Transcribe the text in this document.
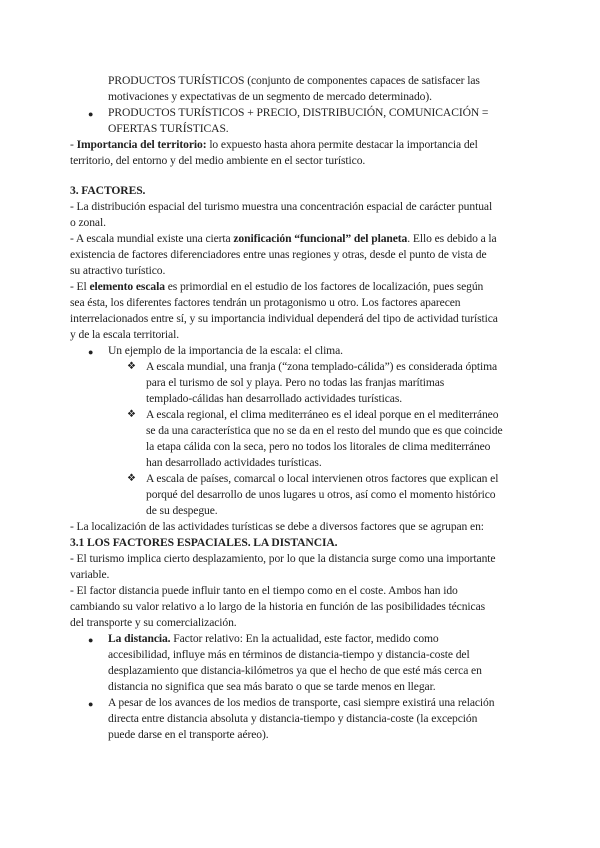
PRODUCTOS TURÍSTICOS (conjunto de componentes capaces de satisfacer las
motivaciones y expectativas de un segmento de mercado determinado).
● PRODUCTOS TURÍSTICOS + PRECIO, DISTRIBUCIÓN, COMUNICACIÓN =
OFERTAS TURÍSTICAS.
- Importancia del territorio: lo expuesto hasta ahora permite destacar la importancia del
territorio, del entorno y del medio ambiente en el sector turístico.
3. FACTORES.
- La distribución espacial del turismo muestra una concentración espacial de carácter puntual
o zonal.
- A escala mundial existe una cierta zonificación “funcional” del planeta. Ello es debido a la
existencia de factores diferenciadores entre unas regiones y otras, desde el punto de vista de
su atractivo turístico.
- El elemento escala es primordial en el estudio de los factores de localización, pues según
sea ésta, los diferentes factores tendrán un protagonismo u otro. Los factores aparecen
interrelacionados entre sí, y su importancia individual dependerá del tipo de actividad turística
y de la escala territorial.
● Un ejemplo de la importancia de la escala: el clima.
❖ A escala mundial, una franja (“zona templado-cálida”) es considerada óptima
para el turismo de sol y playa. Pero no todas las franjas marítimas
templado-cálidas han desarrollado actividades turísticas.
❖ A escala regional, el clima mediterráneo es el ideal porque en el mediterráneo
se da una característica que no se da en el resto del mundo que es que coincide
la etapa cálida con la seca, pero no todos los litorales de clima mediterráneo
han desarrollado actividades turísticas.
❖ A escala de países, comarcal o local intervienen otros factores que explican el
porqué del desarrollo de unos lugares u otros, así como el momento histórico
de su despegue.
- La localización de las actividades turísticas se debe a diversos factores que se agrupan en:
3.1 LOS FACTORES ESPACIALES. LA DISTANCIA.
- El turismo implica cierto desplazamiento, por lo que la distancia surge como una importante
variable.
- El factor distancia puede influir tanto en el tiempo como en el coste. Ambos han ido
cambiando su valor relativo a lo largo de la historia en función de las posibilidades técnicas
del transporte y su comercialización.
● La distancia. Factor relativo: En la actualidad, este factor, medido como
accesibilidad, influye más en términos de distancia-tiempo y distancia-coste del
desplazamiento que distancia-kilómetros ya que el hecho de que esté más cerca en
distancia no significa que sea más barato o que se tarde menos en llegar.
● A pesar de los avances de los medios de transporte, casi siempre existirá una relación
directa entre distancia absoluta y distancia-tiempo y distancia-coste (la excepción
puede darse en el transporte aéreo).
